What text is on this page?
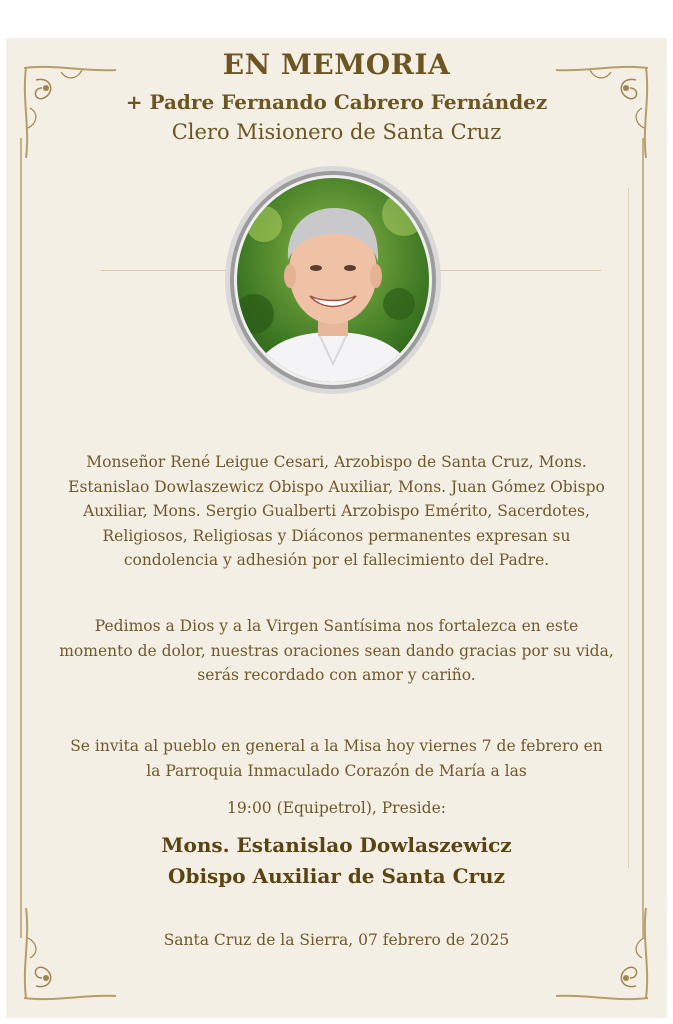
EN MEMORIA
+ Padre Fernando Cabrero Fernández
Clero Misionero de Santa Cruz
Monseñor René Leigue Cesari, Arzobispo de Santa Cruz, Mons. Estanislao Dowlaszewicz Obispo Auxiliar, Mons. Juan Gómez Obispo Auxiliar, Mons. Sergio Gualberti Arzobispo Emérito, Sacerdotes, Religiosos, Religiosas y Diáconos permanentes expresan su condolencia y adhesión por el fallecimiento del Padre.
Pedimos a Dios y a la Virgen Santísima nos fortalezca en este momento de dolor, nuestras oraciones sean dando gracias por su vida, serás recordado con amor y cariño.
Se invita al pueblo en general a la Misa hoy viernes 7 de febrero en la Parroquia Inmaculado Corazón de María a las
19:00 (Equipetrol), Preside:
Mons. Estanislao Dowlaszewicz
Obispo Auxiliar de Santa Cruz
Santa Cruz de la Sierra, 07 febrero de 2025
